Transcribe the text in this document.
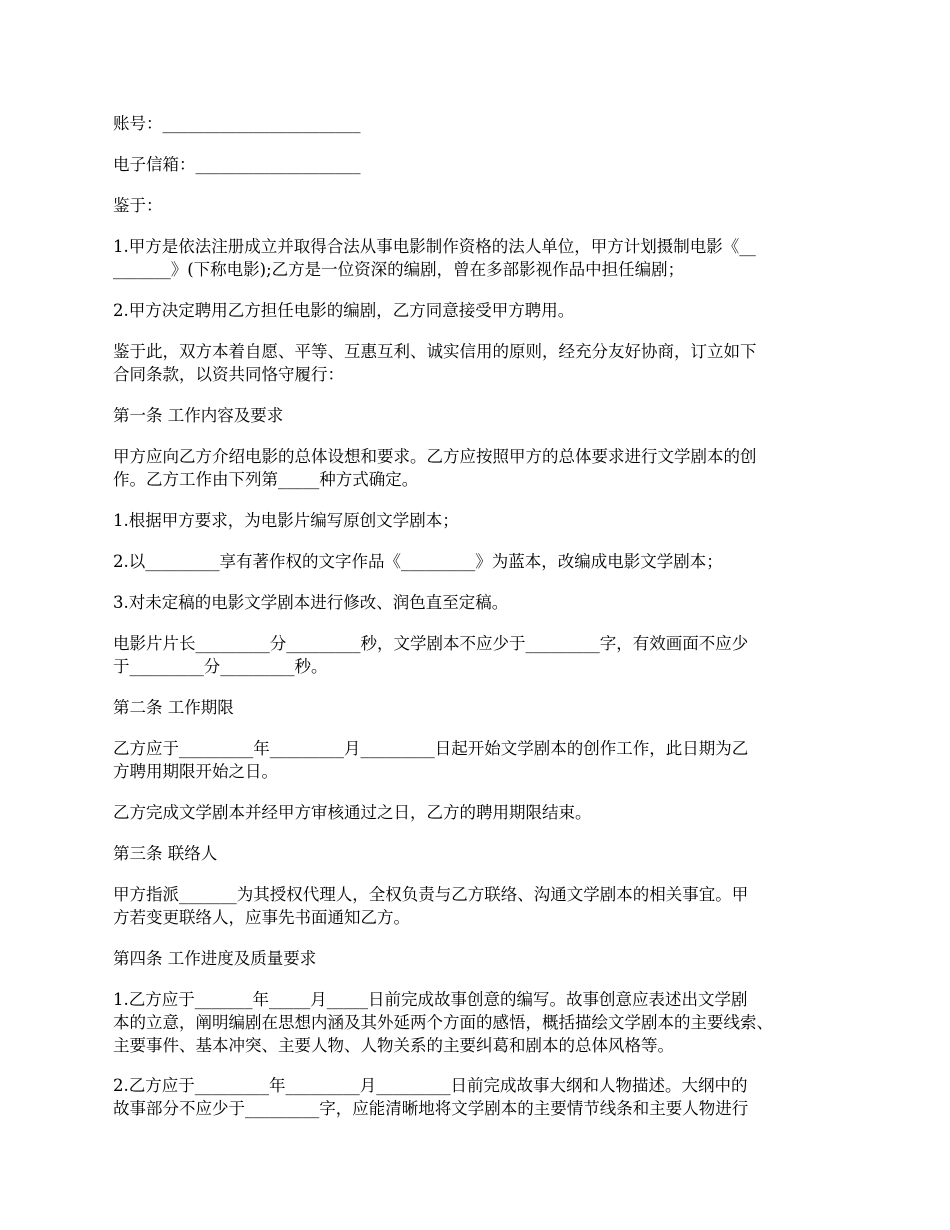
账号：________________________

电子信箱：____________________

鉴于：

1.甲方是依法注册成立并取得合法从事电影制作资格的法人单位，甲方计划摄制电影《__
_______》(下称电影);乙方是一位资深的编剧，曾在多部影视作品中担任编剧；

2.甲方决定聘用乙方担任电影的编剧，乙方同意接受甲方聘用。

鉴于此，双方本着自愿、平等、互惠互利、诚实信用的原则，经充分友好协商，订立如下
合同条款，以资共同恪守履行：

第一条 工作内容及要求

甲方应向乙方介绍电影的总体设想和要求。乙方应按照甲方的总体要求进行文学剧本的创
作。乙方工作由下列第_____种方式确定。

1.根据甲方要求，为电影片编写原创文学剧本；

2.以_________享有著作权的文字作品《_________》为蓝本，改编成电影文学剧本；

3.对未定稿的电影文学剧本进行修改、润色直至定稿。

电影片片长_________分_________秒，文学剧本不应少于_________字，有效画面不应少
于_________分_________秒。

第二条 工作期限

乙方应于_________年_________月_________日起开始文学剧本的创作工作，此日期为乙
方聘用期限开始之日。

乙方完成文学剧本并经甲方审核通过之日，乙方的聘用期限结束。

第三条 联络人

甲方指派_______为其授权代理人，全权负责与乙方联络、沟通文学剧本的相关事宜。甲
方若变更联络人，应事先书面通知乙方。

第四条 工作进度及质量要求

1.乙方应于_______年_____月_____日前完成故事创意的编写。故事创意应表述出文学剧
本的立意，阐明编剧在思想内涵及其外延两个方面的感悟，概括描绘文学剧本的主要线索、
主要事件、基本冲突、主要人物、人物关系的主要纠葛和剧本的总体风格等。

2.乙方应于_________年_________月_________日前完成故事大纲和人物描述。大纲中的
故事部分不应少于_________字，应能清晰地将文学剧本的主要情节线条和主要人物进行
